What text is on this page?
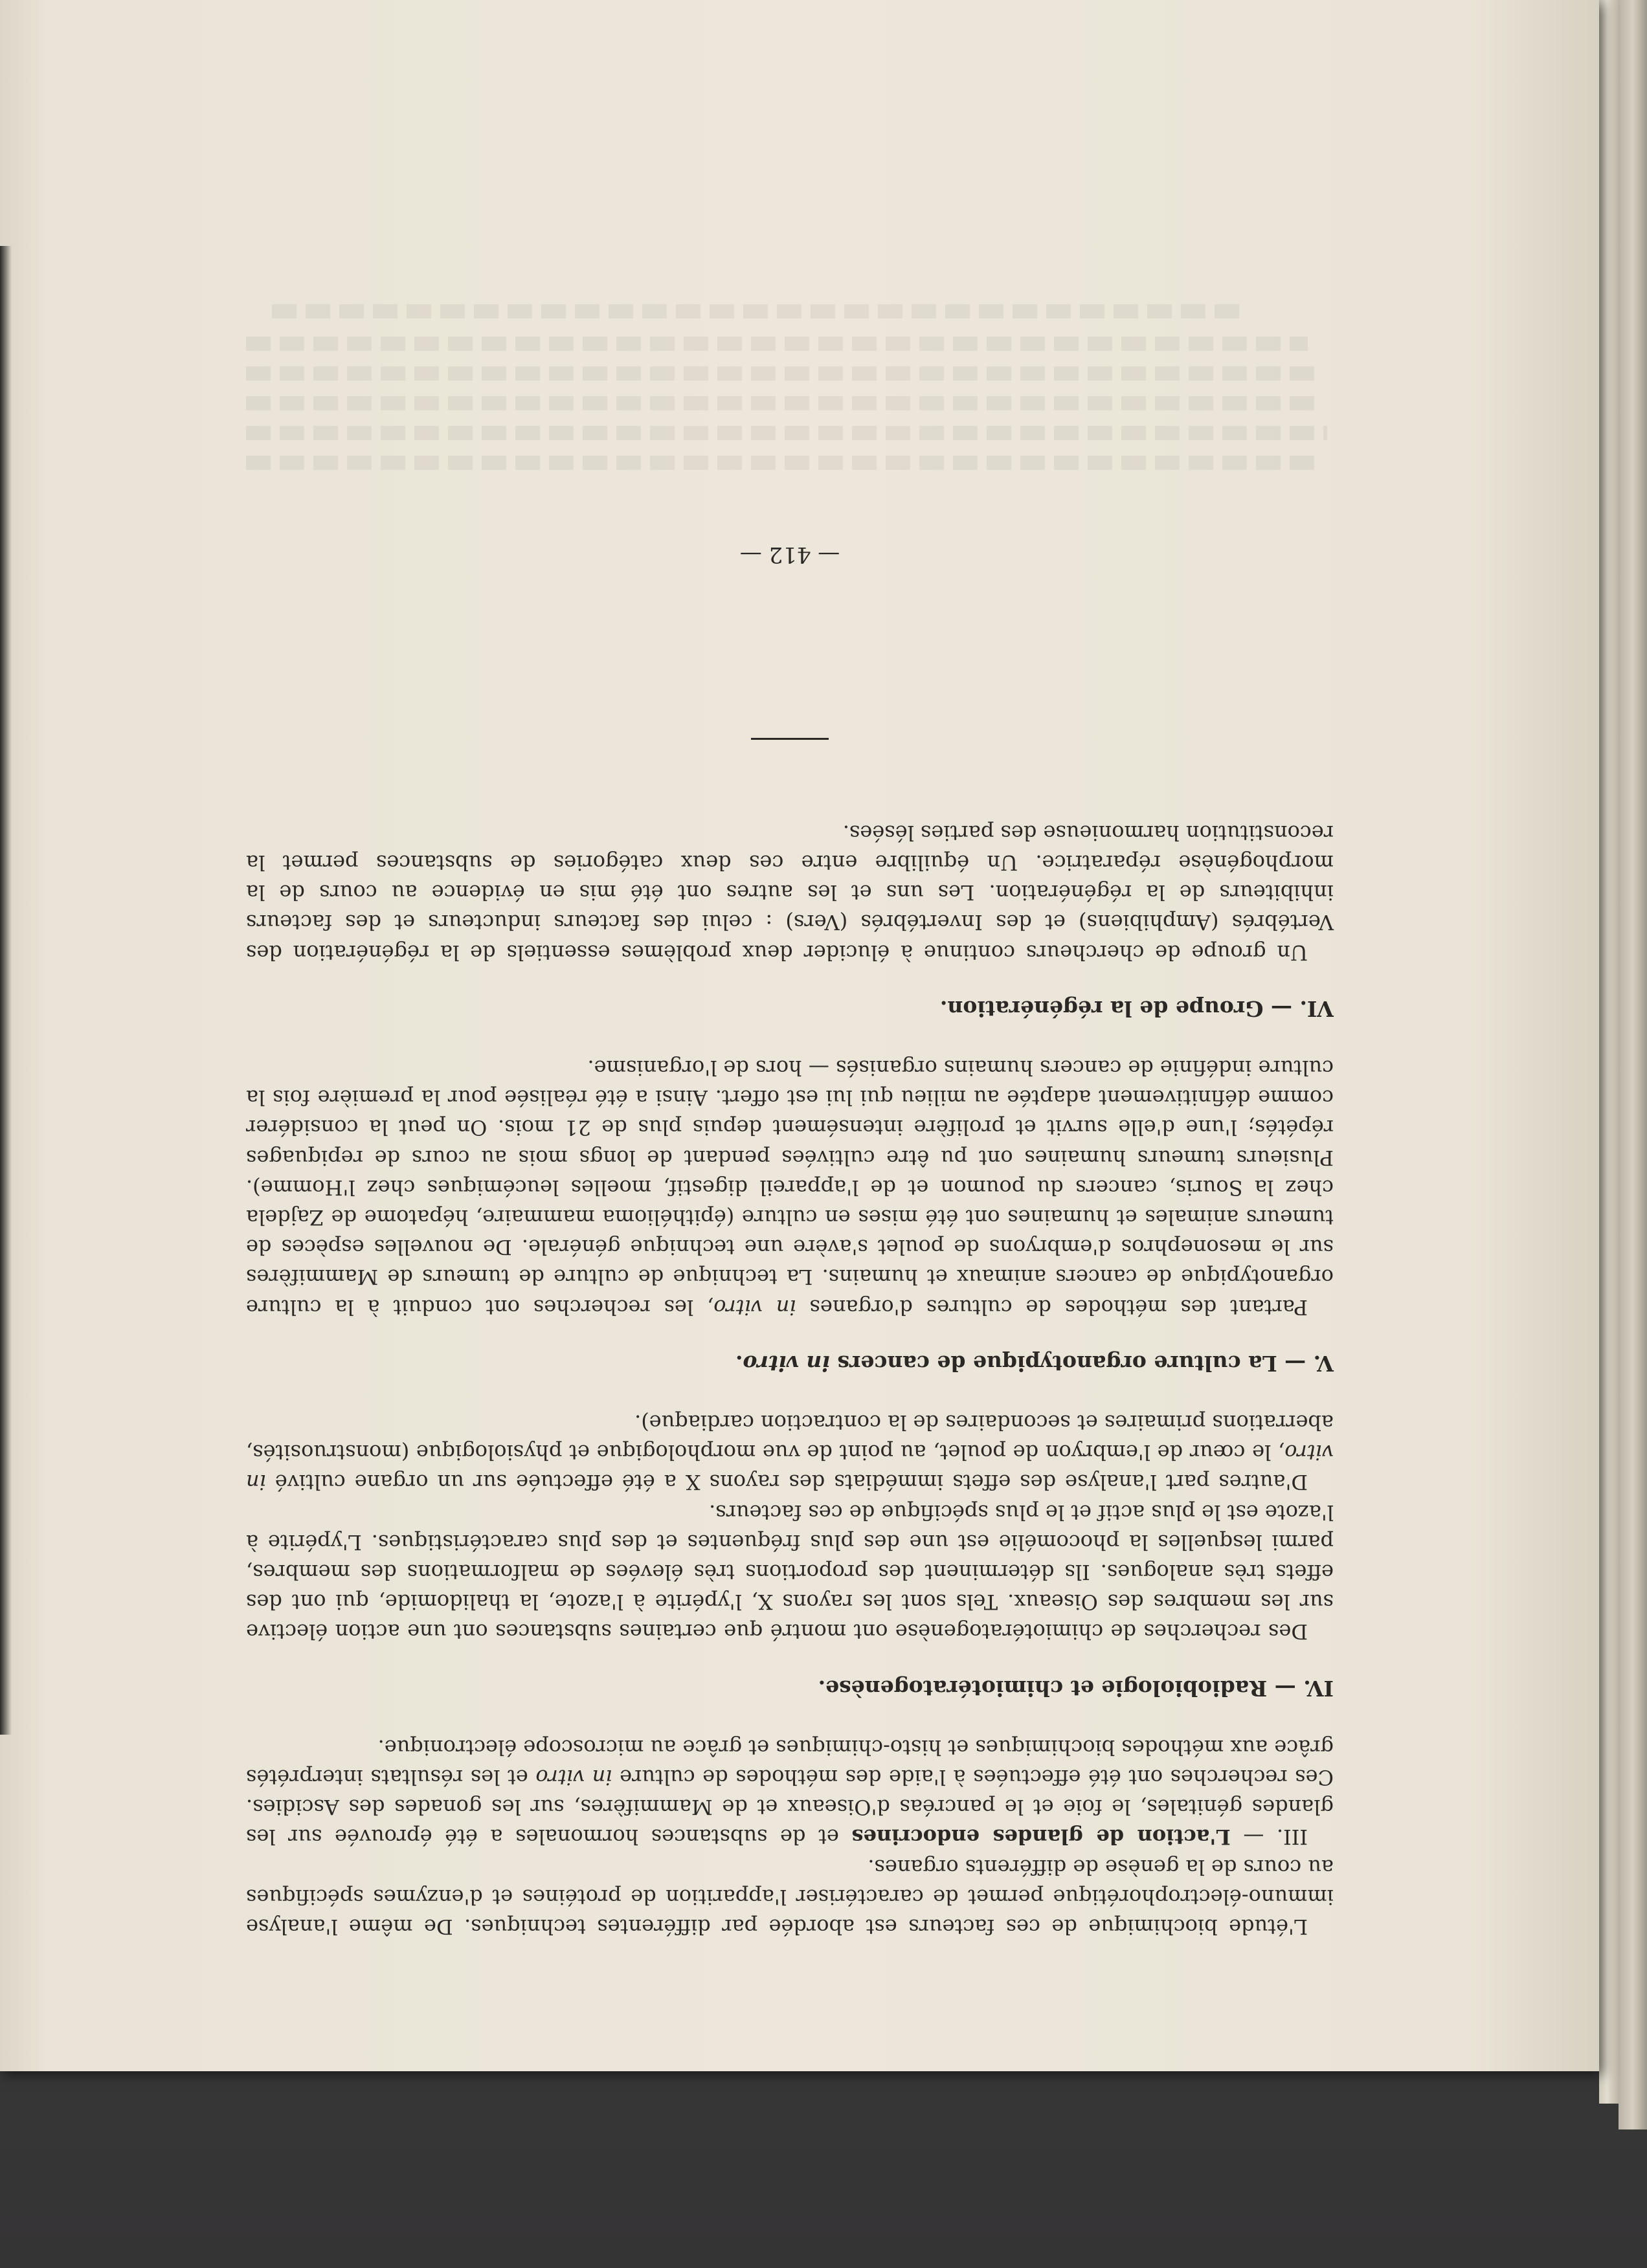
L'étude biochimique de ces facteurs est abordée par différentes techniques. De même l'analyse immuno-électrophorétique permet de caractériser l'apparition de protéines et d'enzymes spécifiques au cours de la genèse de différents organes.

III. — L'action de glandes endocrines et de substances hormonales a été éprouvée sur les glandes génitales, le foie et le pancréas d'Oiseaux et de Mammifères, sur les gonades des Ascidies. Ces recherches ont été effectuées à l'aide des méthodes de culture in vitro et les résultats interprétés grâce aux méthodes biochimiques et histo-chimiques et grâce au microscope électronique.

IV. — Radiobiologie et chimiotératogenèse.

Des recherches de chimiotératogenèse ont montré que certaines substances ont une action élective sur les membres des Oiseaux. Tels sont les rayons X, l'ypérite à l'azote, la thalidomide, qui ont des effets très analogues. Ils déterminent des proportions très élevées de malformations des membres, parmi lesquelles la phocomélie est une des plus fréquentes et des plus caractéristiques. L'ypérite à l'azote est le plus actif et le plus spécifique de ces facteurs.

D'autres part l'analyse des effets immédiats des rayons X a été effectuée sur un organe cultivé in vitro, le cœur de l'embryon de poulet, au point de vue morphologique et physiologique (monstruosités, aberrations primaires et secondaires de la contraction cardiaque).

V. — La culture organotypique de cancers in vitro.

Partant des méthodes de cultures d'organes in vitro, les recherches ont conduit à la culture organotypique de cancers animaux et humains. La technique de culture de tumeurs de Mammifères sur le mesonephros d'embryons de poulet s'avère une technique générale. De nouvelles espèces de tumeurs animales et humaines ont été mises en culture (épithélioma mammaire, hépatome de Zajdela chez la Souris, cancers du poumon et de l'appareil digestif, moelles leucémiques chez l'Homme). Plusieurs tumeurs humaines ont pu être cultivées pendant de longs mois au cours de repiquages répétés; l'une d'elle survit et prolifère intensément depuis plus de 21 mois. On peut la considérer comme définitivement adaptée au milieu qui lui est offert. Ainsi a été réalisée pour la première fois la culture indéfinie de cancers humains organisés — hors de l'organisme.

VI. — Groupe de la régénération.

Un groupe de chercheurs continue à élucider deux problèmes essentiels de la régénération des Vertébrés (Amphibiens) et des Invertébrés (Vers) : celui des facteurs inducteurs et des facteurs inhibiteurs de la régénération. Les uns et les autres ont été mis en évidence au cours de la morphogénèse réparatrice. Un équilibre entre ces deux catégories de substances permet la reconstitution harmonieuse des parties lésées.

— 412 —
